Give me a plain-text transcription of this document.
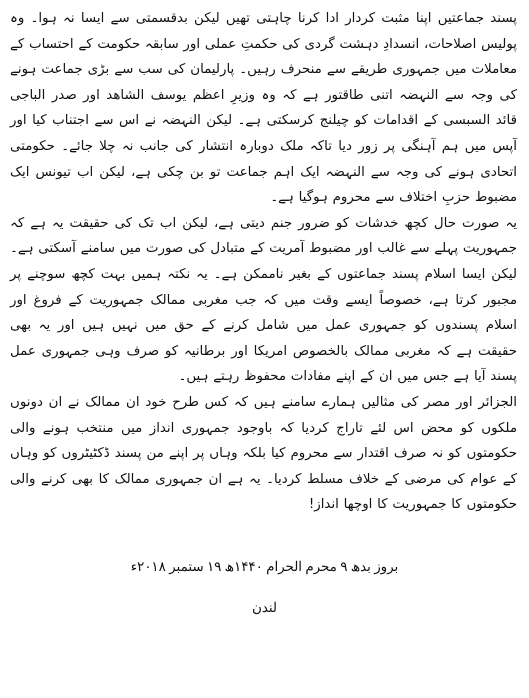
پسند جماعتیں اپنا مثبت کردار ادا کرنا چاہتی تھیں لیکن بدقسمتی سے ایسا نہ ہوا۔ وہ پولیس اصلاحات، انسدادِ دہشت گردی کی حکمتِ عملی اور سابقہ حکومت کے احتساب کے معاملات میں جمہوری طریقے سے منحرف رہیں۔ پارلیمان کی سب سے بڑی جماعت ہونے کی وجہ سے النہضہ اتنی طاقتور ہے کہ وہ وزیرِ اعظم یوسف الشاھد اور صدر الباجی قائد السبسی کے اقدامات کو چیلنج کرسکتی ہے۔ لیکن النہضہ نے اس سے اجتناب کیا اور آپس میں ہم آہنگی پر زور دیا تاکہ ملک دوبارہ انتشار کی جانب نہ چلا جائے۔ حکومتی اتحادی ہونے کی وجہ سے النہضہ ایک اہم جماعت تو بن چکی ہے، لیکن اب تیونس ایک مضبوط حزبِ اختلاف سے محروم ہوگیا ہے۔

یہ صورت حال کچھ خدشات کو ضرور جنم دیتی ہے، لیکن اب تک کی حقیقت یہ ہے کہ جمہوریت پہلے سے غالب اور مضبوط آمریت کے متبادل کی صورت میں سامنے آسکتی ہے۔ لیکن ایسا اسلام پسند جماعتوں کے بغیر ناممکن ہے۔ یہ نکتہ ہمیں بہت کچھ سوچنے پر مجبور کرتا ہے، خصوصاً ایسے وقت میں کہ جب مغربی ممالک جمہوریت کے فروغ اور اسلام پسندوں کو جمہوری عمل میں شامل کرنے کے حق میں نہیں ہیں اور یہ بھی حقیقت ہے کہ مغربی ممالک بالخصوص امریکا اور برطانیہ کو صرف وہی جمہوری عمل پسند آیا ہے جس میں ان کے اپنے مفادات محفوظ رہتے ہیں۔

الجزائر اور مصر کی مثالیں ہمارے سامنے ہیں کہ کس طرح خود ان ممالک نے ان دونوں ملکوں کو محض اس لئے تاراج کردیا کہ باوجود جمہوری انداز میں منتخب ہونے والی حکومتوں کو نہ صرف اقتدار سے محروم کیا بلکہ وہاں پر اپنے من پسند ڈکٹیٹروں کو وہاں کے عوام کی مرضی کے خلاف مسلط کردیا۔ یہ ہے ان جمہوری ممالک کا بھی کرنے والی حکومتوں کا جمہوریت کا اوچھا انداز!

بروز بدھ ۹ محرم الحرام ۱۴۴۰ھ ۱۹ ستمبر ۲۰۱۸ء
لندن
